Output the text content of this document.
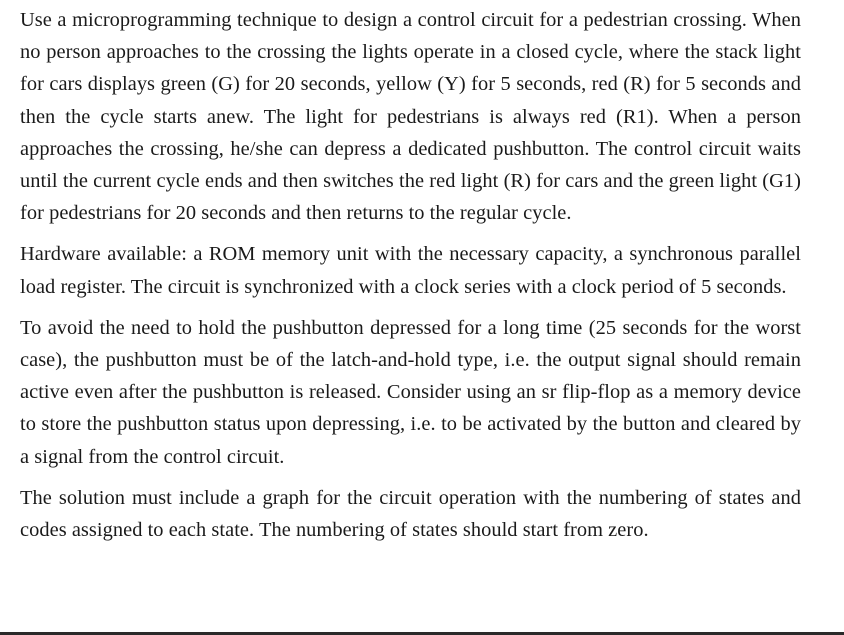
Use a microprogramming technique to design a control circuit for a pedestrian crossing. When no person approaches to the crossing the lights operate in a closed cycle, where the stack light for cars displays green (G) for 20 seconds, yellow (Y) for 5 seconds, red (R) for 5 seconds and then the cycle starts anew. The light for pedestrians is always red (R1). When a person approaches the crossing, he/she can depress a dedicated pushbutton. The control circuit waits until the current cycle ends and then switches the red light (R) for cars and the green light (G1) for pedestrians for 20 seconds and then returns to the regular cycle.

Hardware available: a ROM memory unit with the necessary capacity, a synchronous parallel load register. The circuit is synchronized with a clock series with a clock period of 5 seconds.

To avoid the need to hold the pushbutton depressed for a long time (25 seconds for the worst case), the pushbutton must be of the latch-and-hold type, i.e. the output signal should remain active even after the pushbutton is released. Consider using an sr flip-flop as a memory device to store the pushbutton status upon depressing, i.e. to be activated by the button and cleared by a signal from the control circuit.

The solution must include a graph for the circuit operation with the numbering of states and codes assigned to each state. The numbering of states should start from zero.
